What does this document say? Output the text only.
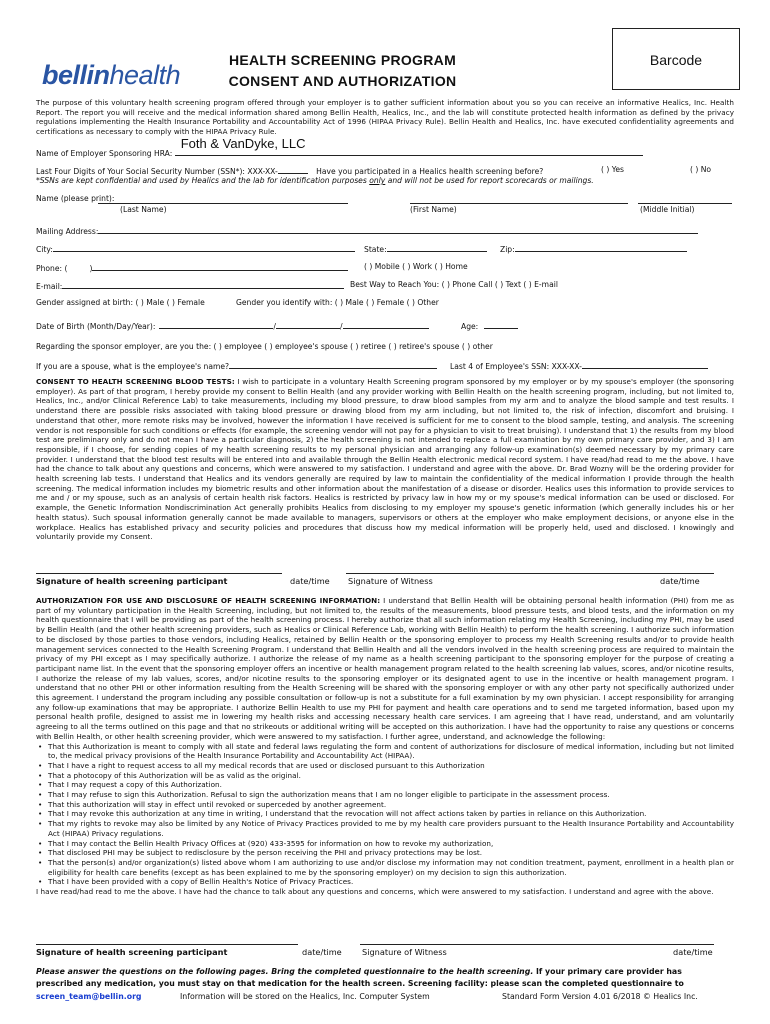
bellinhealth	HEALTH SCREENING PROGRAM
CONSENT AND AUTHORIZATION
Barcode
The purpose of this voluntary health screening program offered through your employer is to gather sufficient information about you so you can receive an informative Healics, Inc. Health Report. The report you will receive and the medical information shared among Bellin Health, Healics, Inc., and the lab will constitute protected health information as defined by the privacy regulations implementing the Health Insurance Portability and Accountability Act of 1996 (HIPAA Privacy Rule). Bellin Health and Healics, Inc. have executed confidentiality agreements and certifications as necessary to comply with the HIPAA Privacy Rule.
Name of Employer Sponsoring HRA:
Foth & VanDyke, LLC
Last Four Digits of Your Social Security Number (SSN*): XXX-XX-	Have you participated in a Healics health screening before?	( ) Yes	( ) No
*SSNs are kept confidential and used by Healics and the lab for identification purposes only and will not be used for report scorecards or mailings.
Name (please print):
(Last Name)	(First Name)	(Middle Initial)
Mailing Address:
City:	State:	Zip:
Phone: (	)	( ) Mobile ( ) Work ( ) Home
E-mail:	Best Way to Reach You: ( ) Phone Call ( ) Text ( ) E-mail
Gender assigned at birth: ( ) Male ( ) Female	Gender you identify with: ( ) Male ( ) Female ( ) Other
Date of Birth (Month/Day/Year):	/	/	Age:
Regarding the sponsor employer, are you the: ( ) employee ( ) employee's spouse ( ) retiree ( ) retiree's spouse ( ) other
If you are a spouse, what is the employee's name?	Last 4 of Employee's SSN: XXX-XX-
CONSENT TO HEALTH SCREENING BLOOD TESTS: I wish to participate in a voluntary Health Screening program sponsored by my employer or by my spouse's employer (the sponsoring employer). As part of that program, I hereby provide my consent to Bellin Health (and any provider working with Bellin Health on the health screening program, including, but not limited to, Healics, Inc., and/or Clinical Reference Lab) to take measurements, including my blood pressure, to draw blood samples from my arm and to analyze the blood sample and test results. I understand there are possible risks associated with taking blood pressure or drawing blood from my arm including, but not limited to, the risk of infection, discomfort and bruising. I understand that other, more remote risks may be involved, however the information I have received is sufficient for me to consent to the blood sample, testing, and analysis. The screening vendor is not responsible for such conditions or effects (for example, the screening vendor will not pay for a physician to visit to treat bruising). I understand that 1) the results from my blood test are preliminary only and do not mean I have a particular diagnosis, 2) the health screening is not intended to replace a full examination by my own primary care provider, and 3) I am responsible, if I choose, for sending copies of my health screening results to my personal physician and arranging any follow-up examination(s) deemed necessary by my primary care provider. I understand that the blood test results will be entered into and available through the Bellin Health electronic medical record system. I have read/had read to me the above. I have had the chance to talk about any questions and concerns, which were answered to my satisfaction. I understand and agree with the above. Dr. Brad Wozny will be the ordering provider for health screening lab tests. I understand that Healics and its vendors generally are required by law to maintain the confidentiality of the medical information I provide through the health screening. The medical information includes my biometric results and other information about the manifestation of a disease or disorder. Healics uses this information to provide services to me and / or my spouse, such as an analysis of certain health risk factors. Healics is restricted by privacy law in how my or my spouse's medical information can be used or disclosed. For example, the Genetic Information Nondiscrimination Act generally prohibits Healics from disclosing to my employer my spouse's genetic information (which generally includes his or her health status). Such spousal information generally cannot be made available to managers, supervisors or others at the employer who make employment decisions, or anyone else in the workplace. Healics has established privacy and security policies and procedures that discuss how my medical information will be properly held, used and disclosed. I knowingly and voluntarily provide my Consent.
Signature of health screening participant	date/time Signature of Witness	date/time
AUTHORIZATION FOR USE AND DISCLOSURE OF HEALTH SCREENING INFORMATION: I understand that Bellin Health will be obtaining personal health information (PHI) from me as part of my voluntary participation in the Health Screening, including, but not limited to, the results of the measurements, blood pressure tests, and blood tests, and the information on my health questionnaire that I will be providing as part of the health screening process. I hereby authorize that all such information relating my Health Screening, including my PHI, may be used by Bellin Health (and the other health screening providers, such as Healics or Clinical Reference Lab, working with Bellin Health) to perform the health screening. I authorize such information to be disclosed by those parties to those vendors, including Healics, retained by Bellin Health or the sponsoring employer to process my Health Screening results and/or to provide health management services connected to the Health Screening Program. I understand that Bellin Health and all the vendors involved in the health screening process are required to maintain the privacy of my PHI except as I may specifically authorize. I authorize the release of my name as a health screening participant to the sponsoring employer for the purpose of creating a participant name list. In the event that the sponsoring employer offers an incentive or health management program related to the health screening lab values, scores, and/or nicotine results, I authorize the release of my lab values, scores, and/or nicotine results to the sponsoring employer or its designated agent to use in the incentive or health management program. I understand that no other PHI or other information resulting from the Health Screening will be shared with the sponsoring employer or with any other party not specifically authorized under this agreement. I understand the program including any possible consultation or follow-up is not a substitute for a full examination by my own physician. I accept responsibility for arranging any follow-up examinations that may be appropriate. I authorize Bellin Health to use my PHI for payment and health care operations and to send me targeted information, based upon my personal health profile, designed to assist me in lowering my health risks and accessing necessary health care services. I am agreeing that I have read, understand, and am voluntarily agreeing to all the terms outlined on this page and that no strikeouts or additional writing will be accepted on this authorization. I have had the opportunity to raise any questions or concerns with Bellin Health, or other health screening provider, which were answered to my satisfaction. I further agree, understand, and acknowledge the following:
• That this Authorization is meant to comply with all state and federal laws regulating the form and content of authorizations for disclosure of medical information, including but not limited to, the medical privacy provisions of the Health Insurance Portability and Accountability Act (HIPAA).
• That I have a right to request access to all my medical records that are used or disclosed pursuant to this Authorization
• That a photocopy of this Authorization will be as valid as the original.
• That I may request a copy of this Authorization.
• That I may refuse to sign this Authorization. Refusal to sign the authorization means that I am no longer eligible to participate in the assessment process.
• That this authorization will stay in effect until revoked or superceded by another agreement.
• That I may revoke this authorization at any time in writing, I understand that the revocation will not affect actions taken by parties in reliance on this Authorization.
• That my rights to revoke may also be limited by any Notice of Privacy Practices provided to me by my health care providers pursuant to the Health Insurance Portability and Accountability Act (HIPAA) Privacy regulations.
• That I may contact the Bellin Health Privacy Offices at (920) 433-3595 for information on how to revoke my authorization,
• That disclosed PHI may be subject to redisclosure by the person receiving the PHI and privacy protections may be lost.
• That the person(s) and/or organization(s) listed above whom I am authorizing to use and/or disclose my information may not condition treatment, payment, enrollment in a health plan or eligibility for health care benefits (except as has been explained to me by the sponsoring employer) on my decision to sign this authorization.
• That I have been provided with a copy of Bellin Health's Notice of Privacy Practices.
I have read/had read to me the above. I have had the chance to talk about any questions and concerns, which were answered to my satisfaction. I understand and agree with the above.
Signature of health screening participant	date/time Signature of Witness	date/time
Please answer the questions on the following pages. Bring the completed questionnaire to the health screening. If your primary care provider has
prescribed any medication, you must stay on that medication for the health screen. Screening facility: please scan the completed questionnaire to
screen_team@bellin.org	Information will be stored on the Healics, Inc. Computer System	Standard Form Version 4.01 6/2018 © Healics Inc.
